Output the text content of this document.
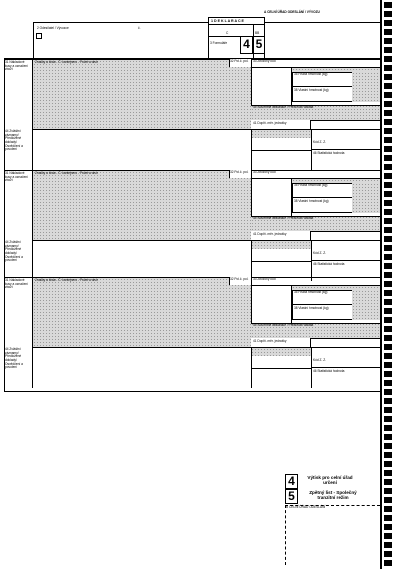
A CELNÍ ÚŘAD ODESLÁNÍ / VÝVOZU
2 Odesílatel / Vývozce	č.
1 D E K L A R A C E
C	BB
3 Formuláře 4 5
31 Nákladové kusy a označení zboží
44 Zvláštní záznamy/ Předložené doklady/ Osvědčení a povolení
Značky a čísla - Č. kontejneru - Počet a druh	32 Pol.č. pol. 33 Zbožový kód
35 Hrubá hmotnost (kg)
38 Vlastní hmotnost (kg)
40 Souhrnné deklarace / Předchozí doklad
41 Doplň. měr. jednotky
Kód Z. Z.
46 Statistická hodnota
31 Nákladové kusy a označení zboží
44 Zvláštní záznamy/ Předložené doklady/ Osvědčení a povolení
Značky a čísla - Č. kontejneru - Počet a druh	32 Pol.č. pol. 33 Zbožový kód
35 Hrubá hmotnost (kg)
38 Vlastní hmotnost (kg)
40 Souhrnné deklarace / Předchozí doklad
41 Doplň. měr. jednotky
Kód Z. Z.
46 Statistická hodnota
31 Nákladové kusy a označení zboží
44 Zvláštní záznamy/ Předložené doklady/ Osvědčení a povolení
Značky a čísla - Č. kontejneru - Počet a druh	32 Pol.č. pol. 33 Zbožový kód
35 Hrubá hmotnost (kg)
38 Vlastní hmotnost (kg)
40 Souhrnné deklarace / Předchozí doklad
41 Doplň. měr. jednotky
Kód Z. Z.
46 Statistická hodnota
4	Výtisk pro celní úřad určení
5	Zpětný list - Společný tranzitní režim
B CELNÍ ÚŘAD ODESLÁNÍ
